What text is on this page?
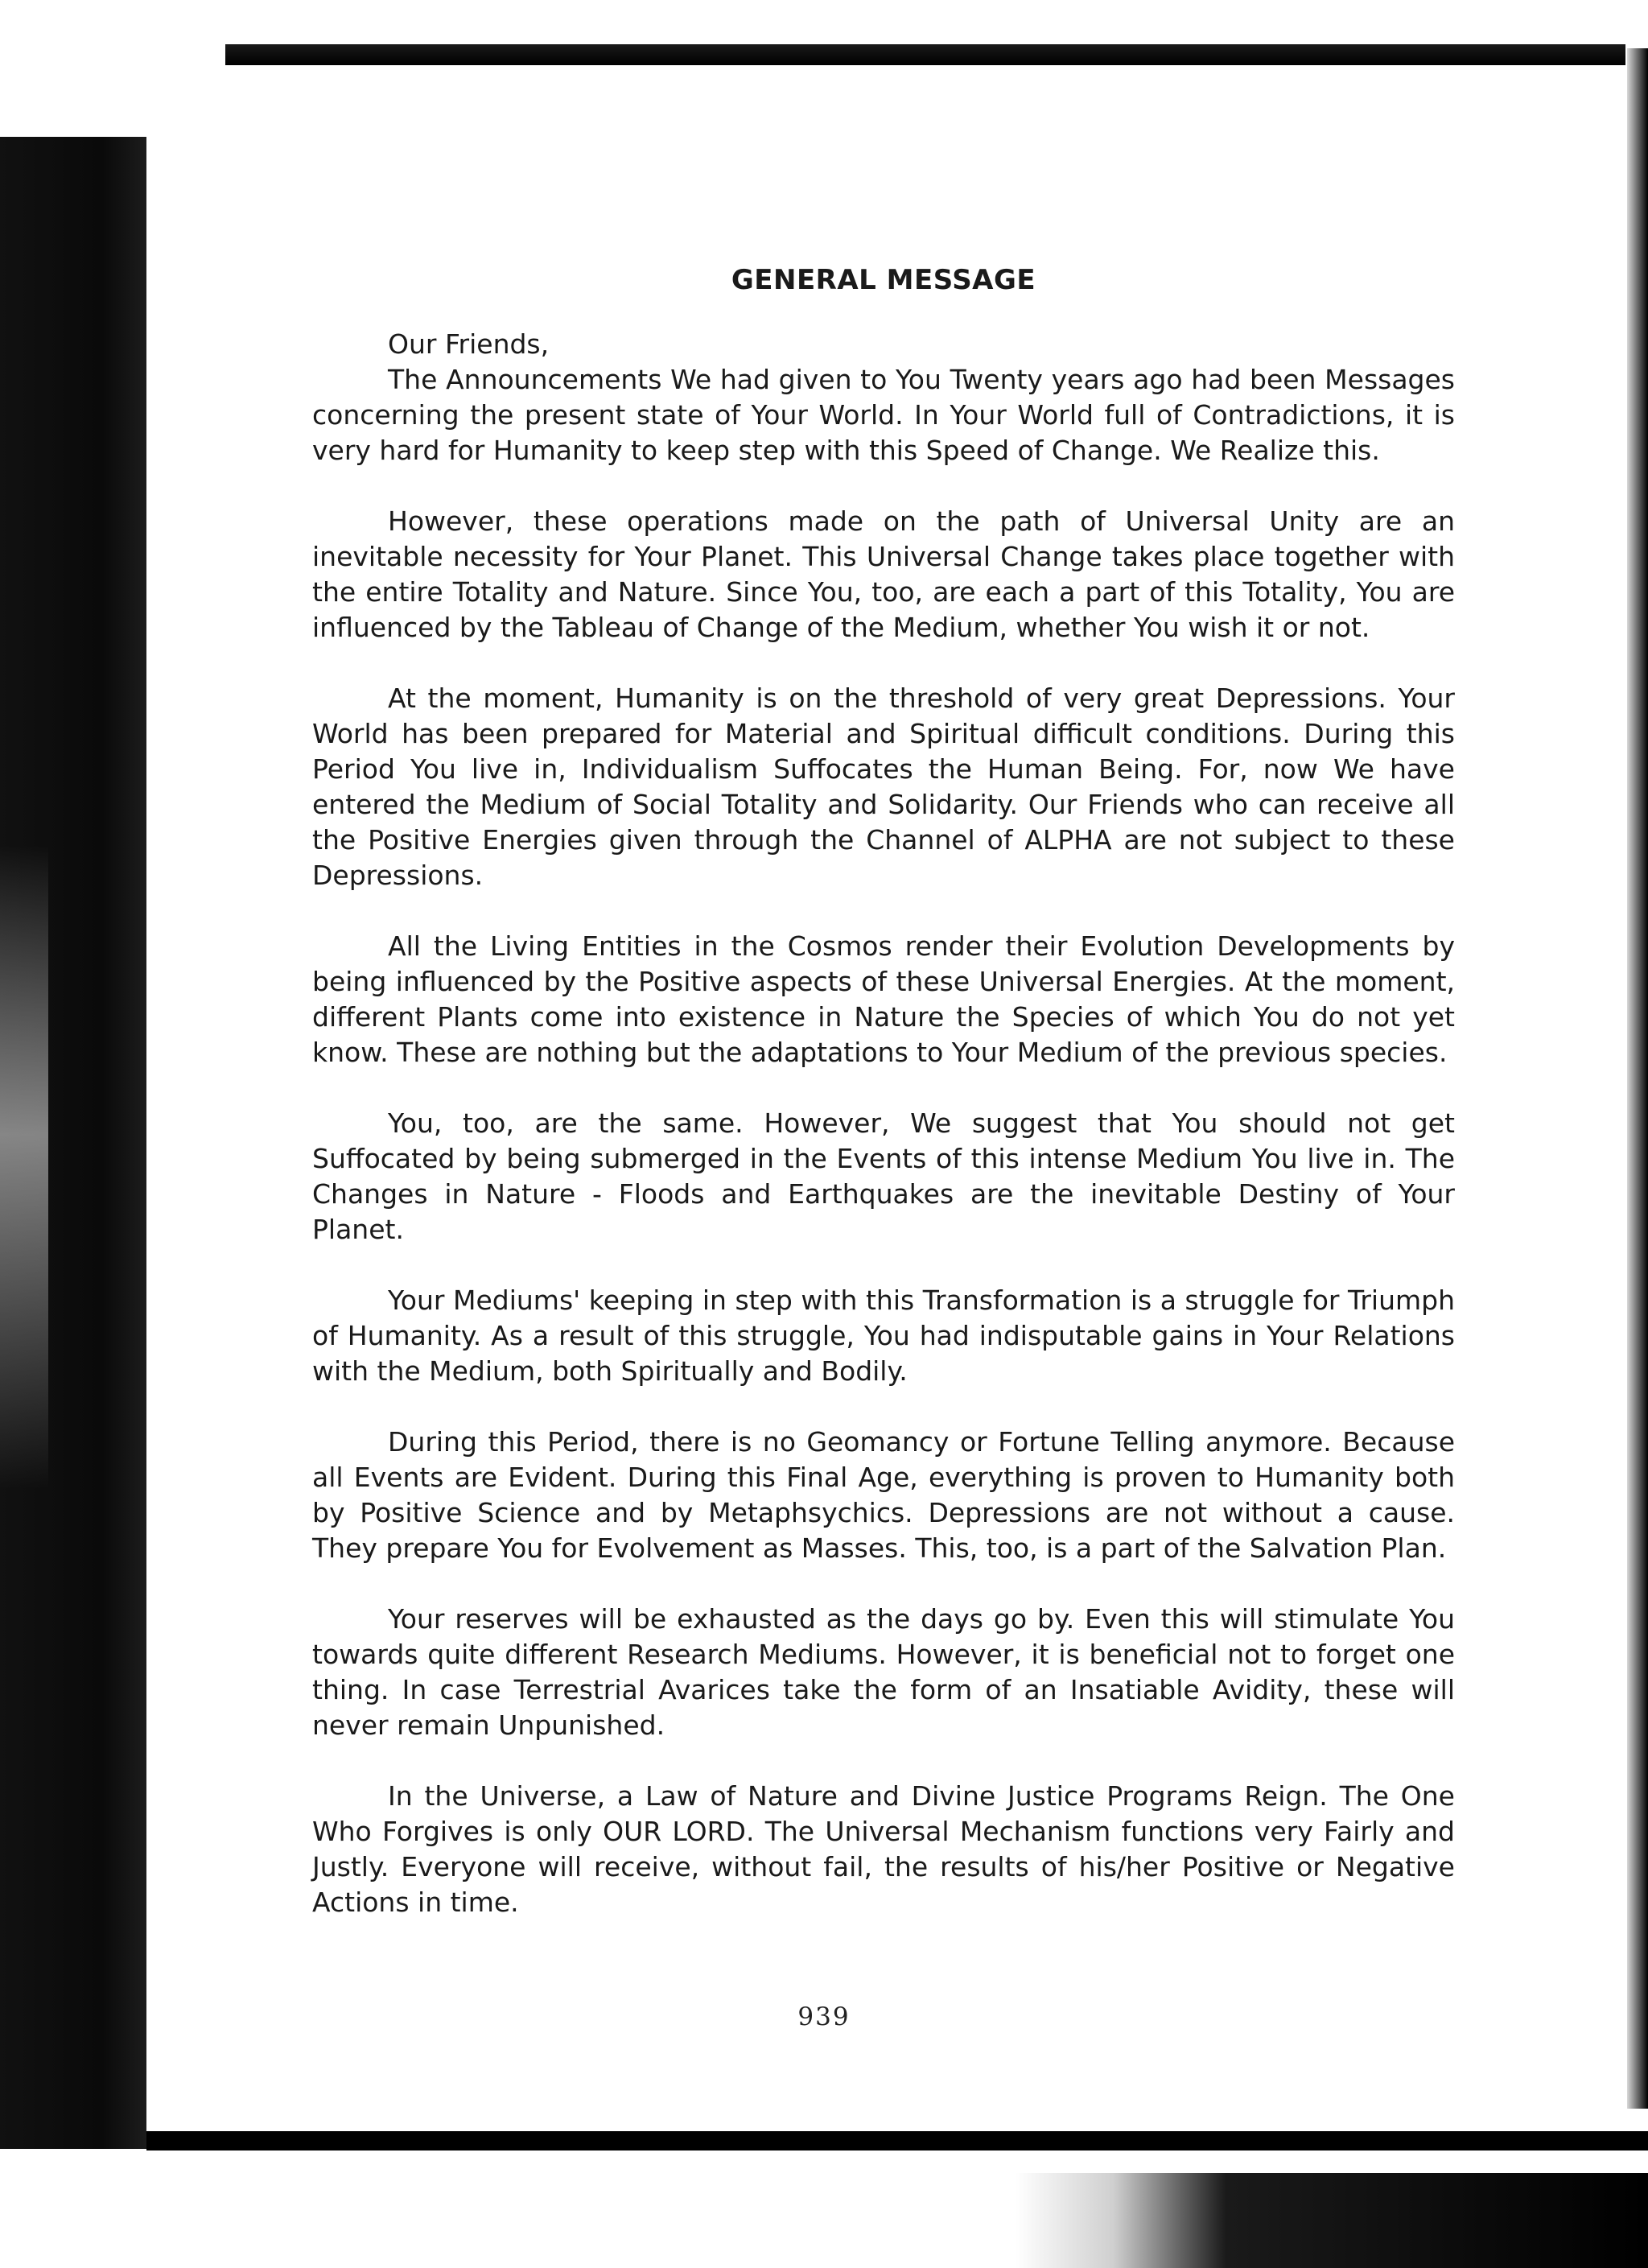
GENERAL MESSAGE

Our Friends,

The Announcements We had given to You Twenty years ago had been Messages concerning the present state of Your World. In Your World full of Contradictions, it is very hard for Humanity to keep step with this Speed of Change. We Realize this.

However, these operations made on the path of Universal Unity are an inevitable necessity for Your Planet. This Universal Change takes place together with the entire Totality and Nature. Since You, too, are each a part of this Totality, You are influenced by the Tableau of Change of the Medium, whether You wish it or not.

At the moment, Humanity is on the threshold of very great Depressions. Your World has been prepared for Material and Spiritual difficult conditions. During this Period You live in, Individualism Suffocates the Human Being. For, now We have entered the Medium of Social Totality and Solidarity. Our Friends who can receive all the Positive Energies given through the Channel of ALPHA are not subject to these Depressions.

All the Living Entities in the Cosmos render their Evolution Developments by being influenced by the Positive aspects of these Universal Energies. At the moment, different Plants come into existence in Nature the Species of which You do not yet know. These are nothing but the adaptations to Your Medium of the previous species.

You, too, are the same. However, We suggest that You should not get Suffocated by being submerged in the Events of this intense Medium You live in. The Changes in Nature - Floods and Earthquakes are the inevitable Destiny of Your Planet.

Your Mediums' keeping in step with this Transformation is a struggle for Triumph of Humanity. As a result of this struggle, You had indisputable gains in Your Relations with the Medium, both Spiritually and Bodily.

During this Period, there is no Geomancy or Fortune Telling anymore. Because all Events are Evident. During this Final Age, everything is proven to Humanity both by Positive Science and by Metaphsychics. Depressions are not without a cause. They prepare You for Evolvement as Masses. This, too, is a part of the Salvation Plan.

Your reserves will be exhausted as the days go by. Even this will stimulate You towards quite different Research Mediums. However, it is beneficial not to forget one thing. In case Terrestrial Avarices take the form of an Insatiable Avidity, these will never remain Unpunished.

In the Universe, a Law of Nature and Divine Justice Programs Reign. The One Who Forgives is only OUR LORD. The Universal Mechanism functions very Fairly and Justly. Everyone will receive, without fail, the results of his/her Positive or Negative Actions in time.

939
